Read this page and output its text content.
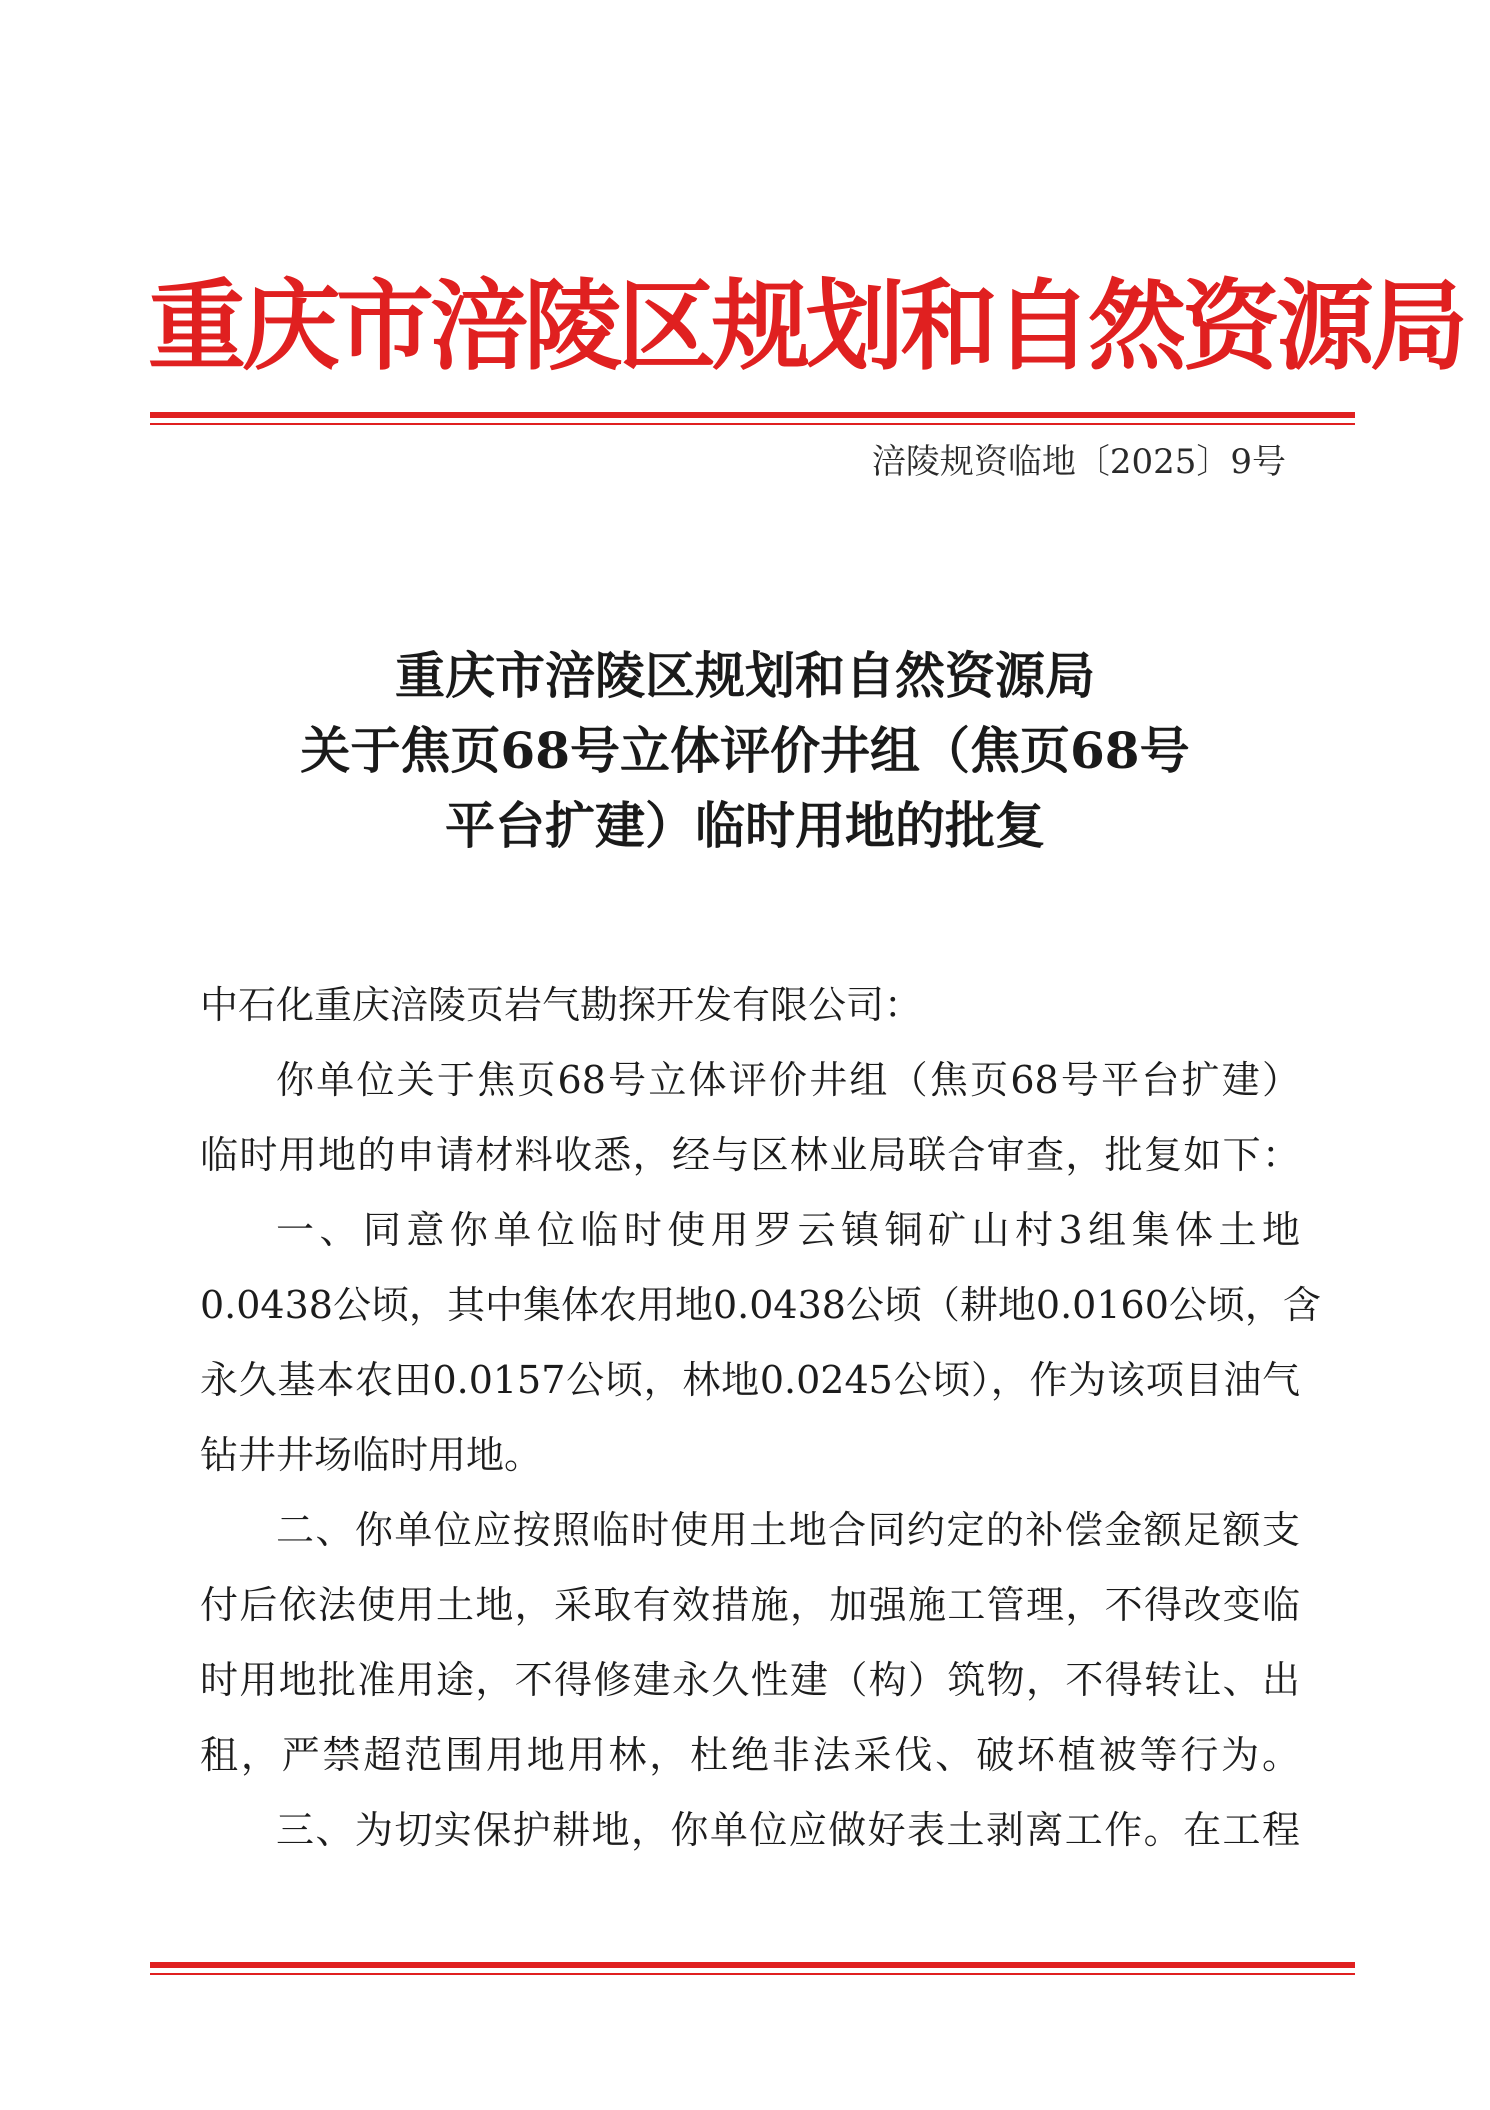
重庆市涪陵区规划和自然资源局
涪陵规资临地〔2025〕9号
重庆市涪陵区规划和自然资源局
关于焦页68号立体评价井组（焦页68号
平台扩建）临时用地的批复
中石化重庆涪陵页岩气勘探开发有限公司：
你单位关于焦页68号立体评价井组（焦页68号平台扩建）
临时用地的申请材料收悉，经与区林业局联合审查，批复如下：
一、同意你单位临时使用罗云镇铜矿山村3组集体土地
0.0438公顷，其中集体农用地0.0438公顷（耕地0.0160公顷，含
永久基本农田0.0157公顷，林地0.0245公顷），作为该项目油气
钻井井场临时用地。
二、你单位应按照临时使用土地合同约定的补偿金额足额支
付后依法使用土地，采取有效措施，加强施工管理，不得改变临
时用地批准用途，不得修建永久性建（构）筑物，不得转让、出
租，严禁超范围用地用林，杜绝非法采伐、破坏植被等行为。
三、为切实保护耕地，你单位应做好表土剥离工作。在工程
